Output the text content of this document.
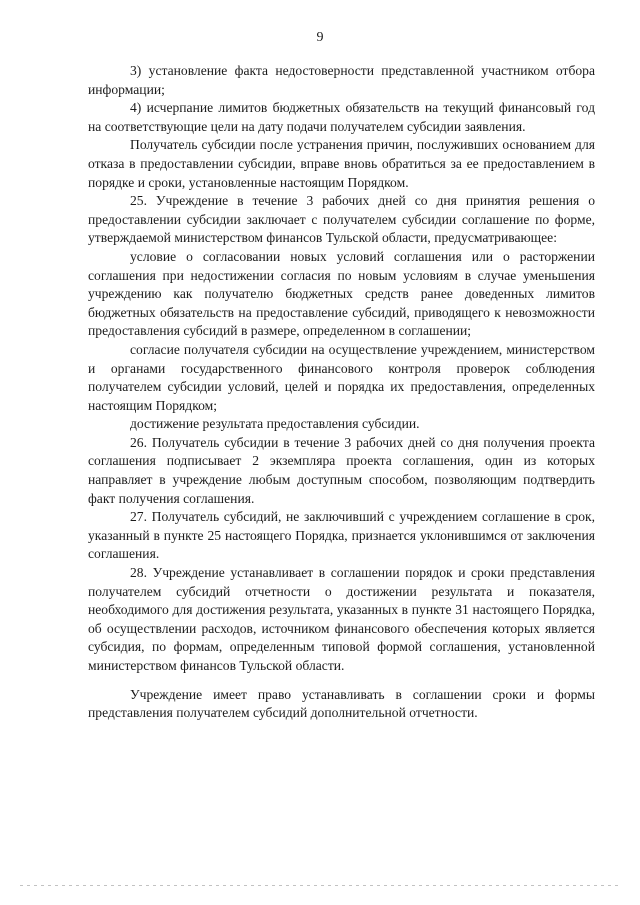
9

3) установление факта недостоверности представленной участником отбора информации;

4) исчерпание лимитов бюджетных обязательств на текущий финансовый год на соответствующие цели на дату подачи получателем субсидии заявления.

Получатель субсидии после устранения причин, послуживших основанием для отказа в предоставлении субсидии, вправе вновь обратиться за ее предоставлением в порядке и сроки, установленные настоящим Порядком.

25. Учреждение в течение 3 рабочих дней со дня принятия решения о предоставлении субсидии заключает с получателем субсидии соглашение по форме, утверждаемой министерством финансов Тульской области, предусматривающее:

условие о согласовании новых условий соглашения или о расторжении соглашения при недостижении согласия по новым условиям в случае уменьшения учреждению как получателю бюджетных средств ранее доведенных лимитов бюджетных обязательств на предоставление субсидий, приводящего к невозможности предоставления субсидий в размере, определенном в соглашении;

согласие получателя субсидии на осуществление учреждением, министерством и органами государственного финансового контроля проверок соблюдения получателем субсидии условий, целей и порядка их предоставления, определенных настоящим Порядком;

достижение результата предоставления субсидии.

26. Получатель субсидии в течение 3 рабочих дней со дня получения проекта соглашения подписывает 2 экземпляра проекта соглашения, один из которых направляет в учреждение любым доступным способом, позволяющим подтвердить факт получения соглашения.

27. Получатель субсидий, не заключивший с учреждением соглашение в срок, указанный в пункте 25 настоящего Порядка, признается уклонившимся от заключения соглашения.

28. Учреждение устанавливает в соглашении порядок и сроки представления получателем субсидий отчетности о достижении результата и показателя, необходимого для достижения результата, указанных в пункте 31 настоящего Порядка, об осуществлении расходов, источником финансового обеспечения которых является субсидия, по формам, определенным типовой формой соглашения, установленной министерством финансов Тульской области.

Учреждение имеет право устанавливать в соглашении сроки и формы представления получателем субсидий дополнительной отчетности.
